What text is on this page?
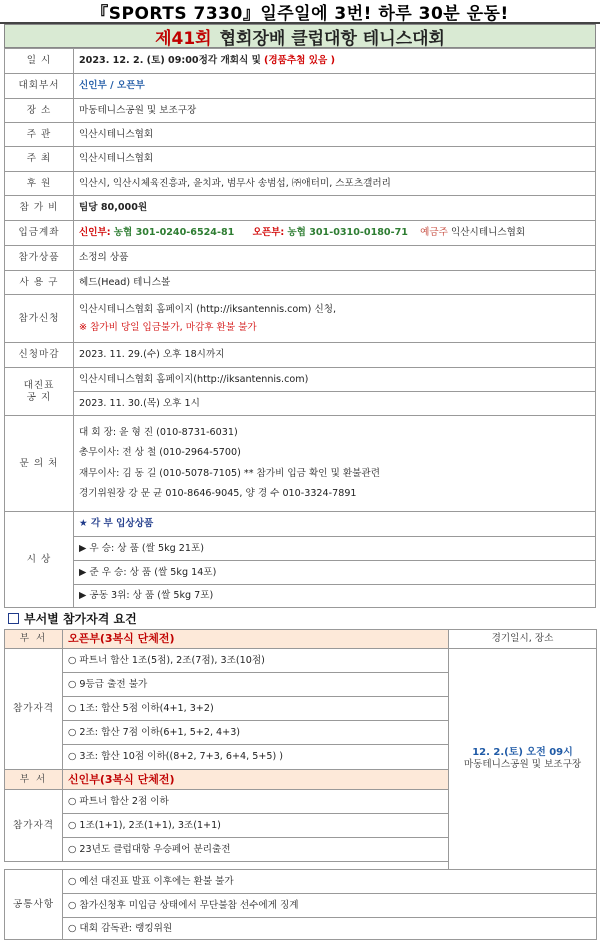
『SPORTS 7330』일주일에 3번! 하루 30분 운동!
제41회 협회장배 클럽대항 테니스대회
일 시	2023. 12. 2. (토) 09:00정각 개회식 및 (경품추첨 있음 )
대회부서	신인부 / 오픈부
장 소	마동테니스공원 및 보조구장
주 관	익산시테니스협회
주 최	익산시테니스협회
후 원	익산시, 익산시체육진흥과, 윤치과, 범무사 송범섭, ㈜애터미, 스포츠갤러리
참 가 비	팀당 80,000원
입금계좌	신인부: 농협 301-0240-6524-81 오픈부: 농협 301-0310-0180-71 예금주 익산시테니스협회
참가상품	소정의 상품
사 용 구	헤드(Head) 테니스볼
참가신청	익산시테니스협회 홈페이지 (http://iksantennis.com) 신청,
※ 참가비 당일 입금불가, 마감후 환불 불가

신청마감	2023. 11. 29.(수) 오후 18시까지
대진표
공 지	익산시테니스협회 홈페이지(http://iksantennis.com)
	2023. 11. 30.(목) 오후 1시
문 의 처	대 회 장: 윤 형 진 (010-8731-6031)
총무이사: 전 상 철 (010-2964-5700)
재무이사: 김 동 길 (010-5078-7105) ** 참가비 입금 확인 및 환불관련
경기위원장 강 문 균 010-8646-9045, 양 경 수 010-3324-7891

시 상	★ 각 부 입상상품
	▶ 우 승: 상 품 (쌀 5kg 21포)
	▶ 준 우 승: 상 품 (쌀 5kg 14포)
	▶ 공동 3위: 상 품 (쌀 5kg 7포)
부서별 참가자격 요건
부 서	오픈부(3복식 단체전)	경기일시, 장소
참가자격	○ 파트너 합산 1조(5점), 2조(7점), 3조(10점)	12. 2.(토) 오전 09시
마동테니스공원 및 보조구장

	○ 9등급 출전 불가	
	○ 1조: 합산 5점 이하(4+1, 3+2)	
	○ 2조: 합산 7점 이하(6+1, 5+2, 4+3)	
	○ 3조: 합산 10점 이하((8+2, 7+3, 6+4, 5+5) )	
부 서	신인부(3복식 단체전)	
참가자격	○ 파트너 합산 2점 이하	
	○ 1조(1+1), 2조(1+1), 3조(1+1)	
	○ 23년도 클럽대항 우승페어 분리출전	

공통사항	○ 예선 대진표 발표 이후에는 환불 불가	
	○ 참가신청후 미입금 상태에서 무단불참 선수에게 징계	
	○ 대회 감독관: 랭킹위원	
